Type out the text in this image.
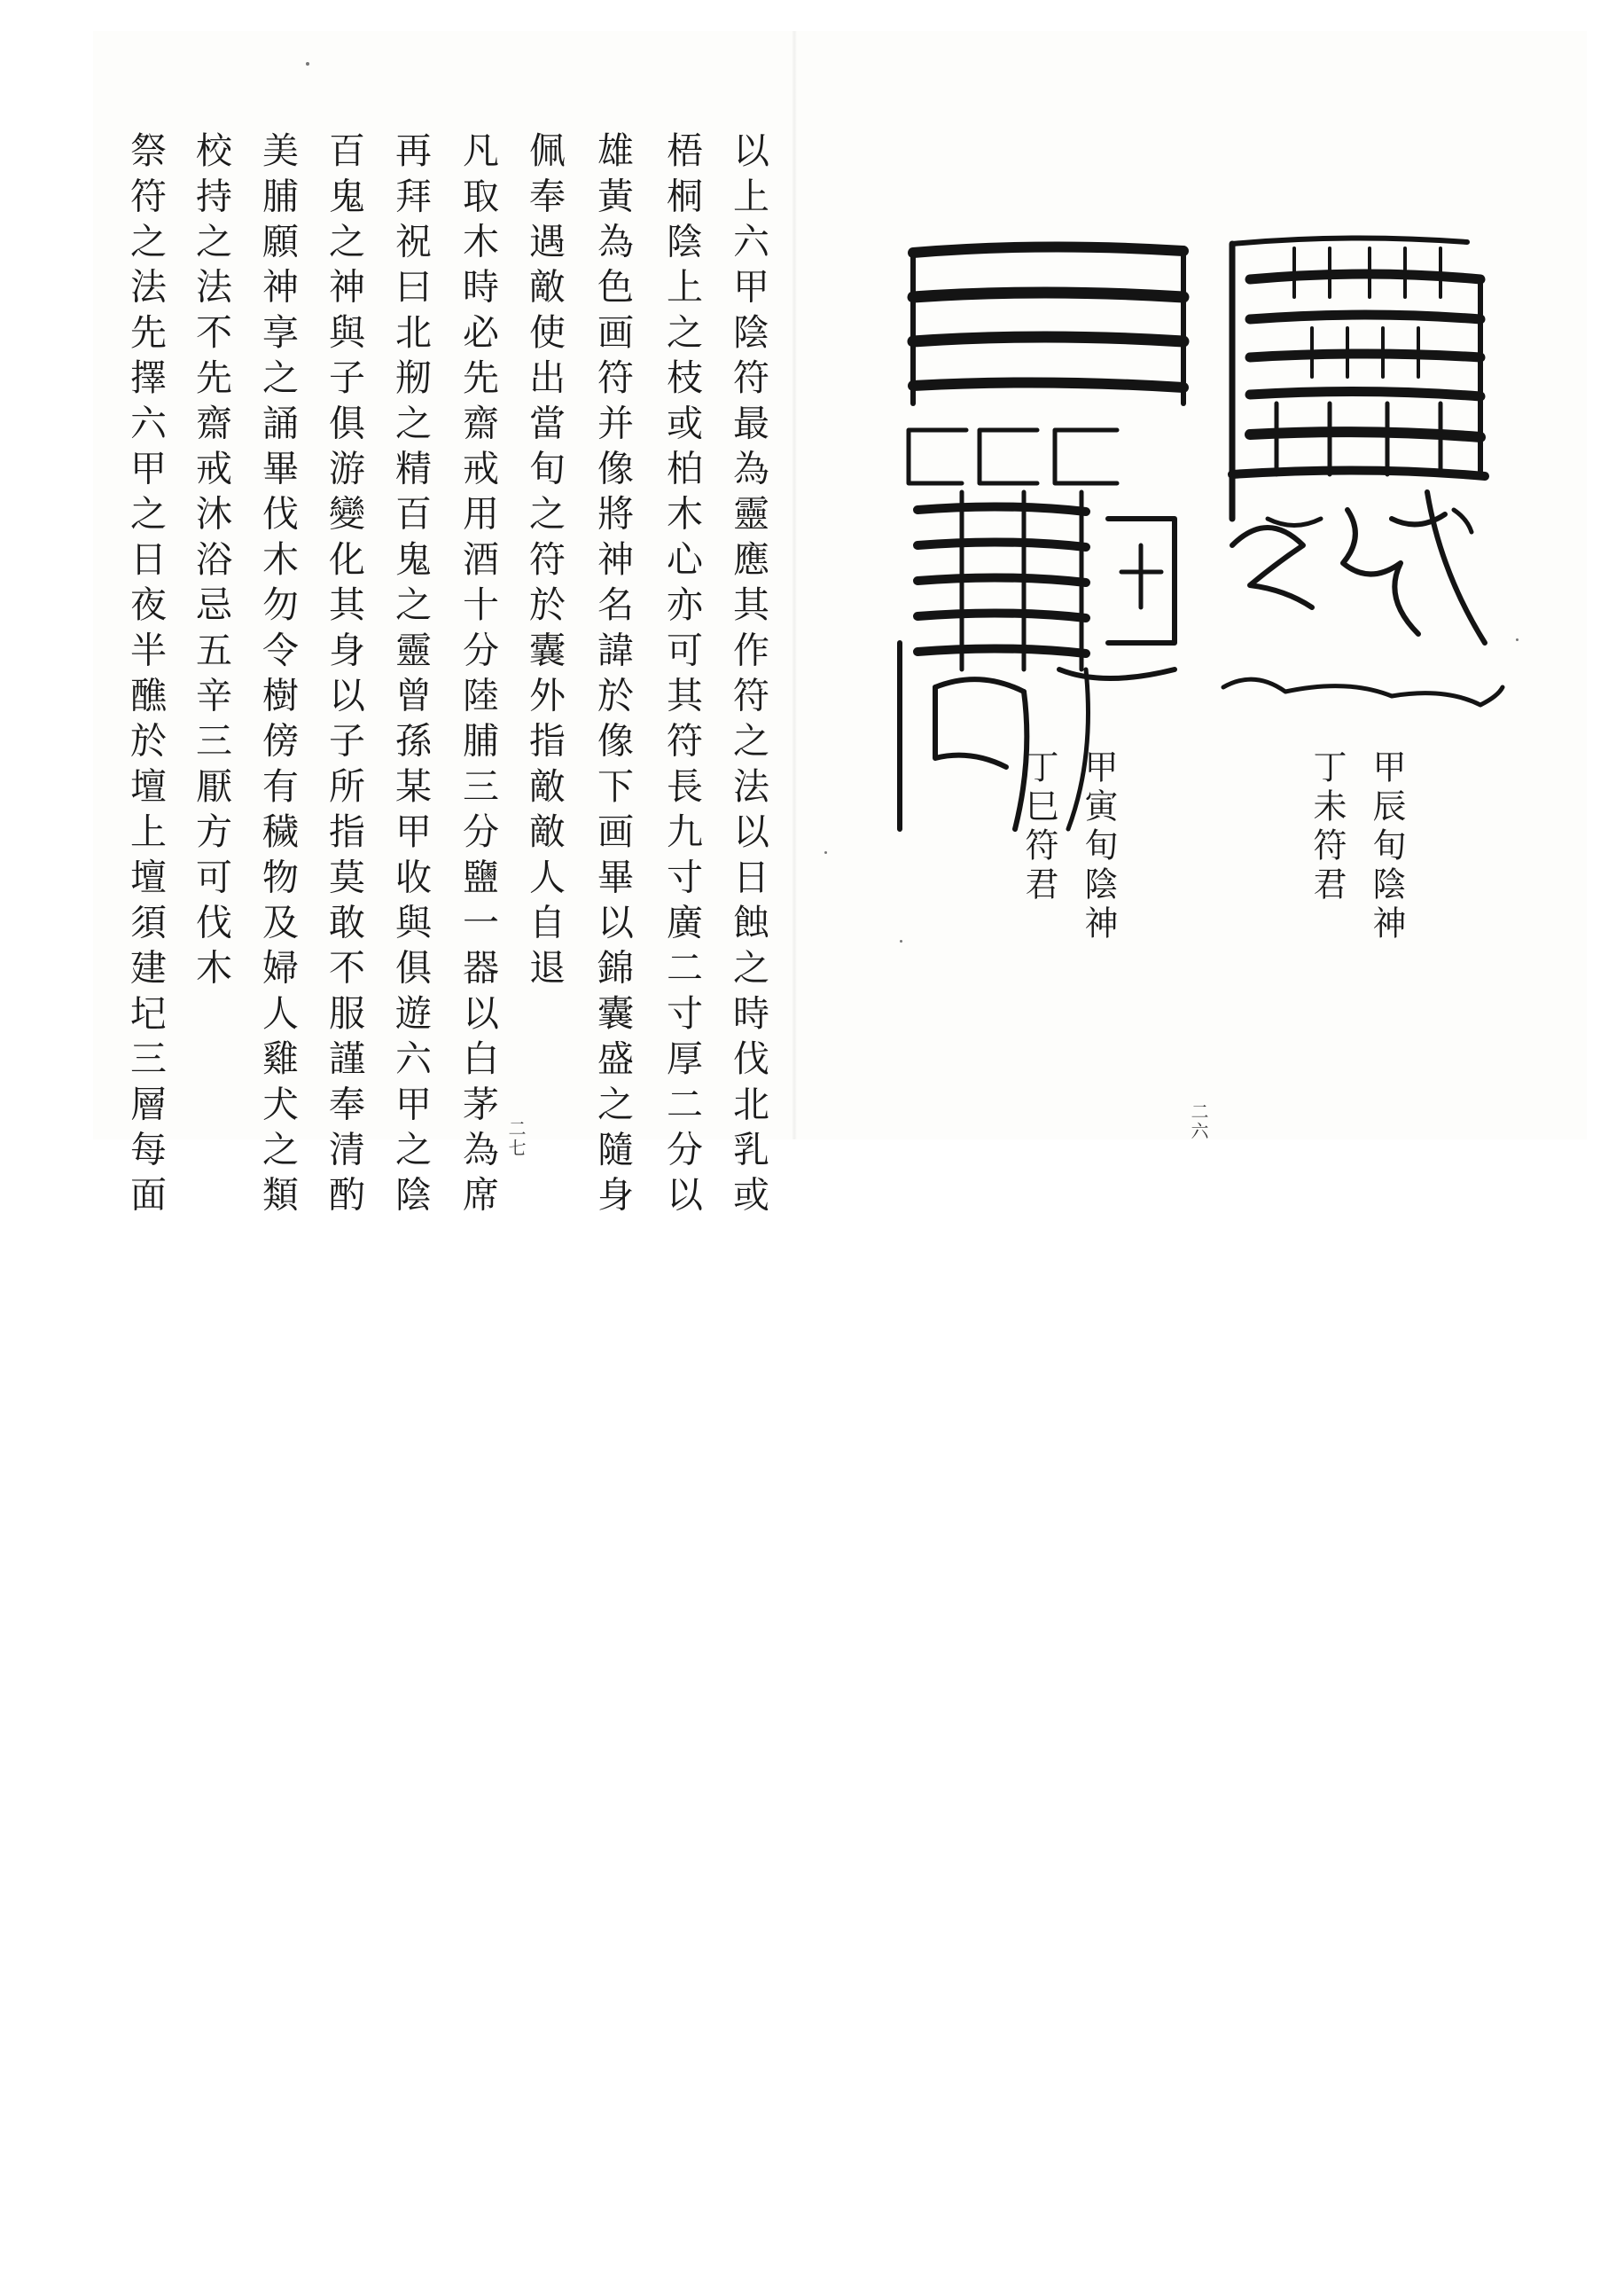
以上六甲陰符最為靈應其作符之法以日蝕之時伐北乳或
梧桐陰上之枝或柏木心亦可其符長九寸廣二寸厚二分以
雄黃為色画符并像將神名諱於像下画畢以錦囊盛之隨身
佩奉遇敵使出當旬之符於囊外指敵敵人自退
凡取木時必先齋戒用酒十分陸脯三分鹽一器以白茅為席
再拜祝曰北剏之精百鬼之靈曾孫某甲收與俱遊六甲之陰
百鬼之神與子俱游變化其身以子所指莫敢不服謹奉清酌
美脯願神享之誦畢伐木勿令樹傍有穢物及婦人雞犬之類
校持之法不先齋戒沐浴忌五辛三厭方可伐木
祭符之法先擇六甲之日夜半醮於壇上壇須建圮三層每面	二七
甲辰旬陰神
丁未符君
甲寅旬陰神
丁巳符君
二六
